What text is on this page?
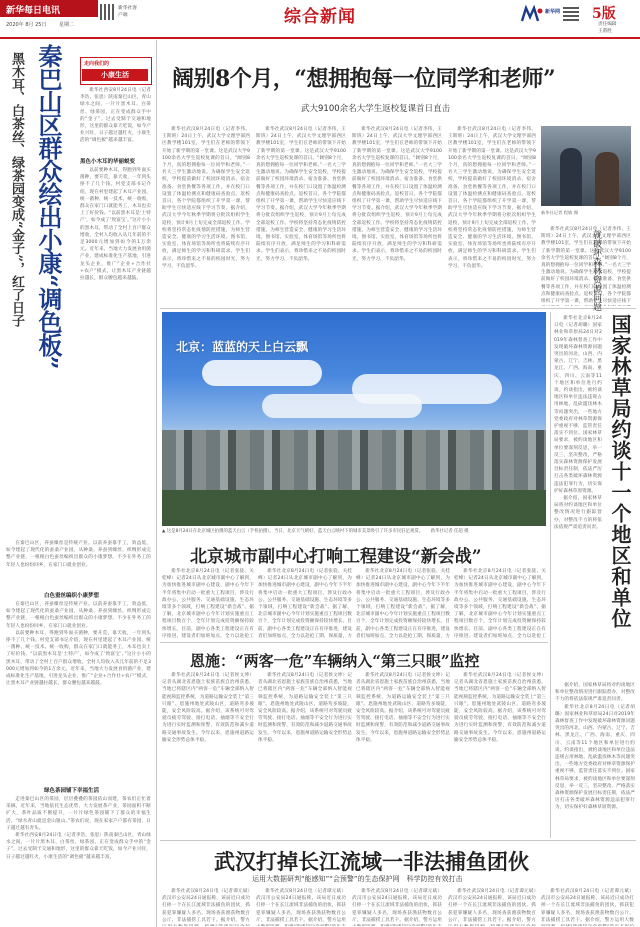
新华每日电讯
2020年 8月 25日	星期二
新华社客户端	综合新闻	新华网 5版
责任编辑
王畲胜
走向我们的
小康生活
黑木耳、白茶丝、绿茶园变成“金子”，红了日子 秦巴山区群众绘出小康“调色板”	新华社西安8月24日电（记者李浩、张思）陕南秦巴山区，青山绿水之间，一片片黑木耳、白茶丝、绿茶园，正在变成群众手中的“金子”。过去受制于交通和地形，这里的群众靠天吃饭，如今产业兴旺，日子越过越红火，小康生活的“调色板”越来越丰富。

黑色小木耳的华丽蜕变

以前要种木耳，得跑到外面买菌种，要开荒，靠天收，一年到头挣不了几个钱。村党支部书记介绍，现在村里建起了木耳产业园，统一菌种、统一技术、统一收购，群众在家门口就能务工，木耳也卖上了好价钱。“以前黑木耳是‘土特产’，如今成了‘致富宝’。”这片小小的黑木耳，带动了全村上百户群众增收，全村人均收入从几年前的不足3000元增加到如今的1万余元。近年来，当地大力发展食用菌产业，建成标准化生产基地，引进龙头企业，推广“企业+合作社+农户”模式，让黑木耳产业链越拉越长，群众腰包越来越鼓。

在秦巴山区，养蚕缫丝是传统产业。以前养蚕靠手工，效益低，如今建起了现代化的蚕桑产业园，从种桑、养蚕到缫丝、织绸形成完整产业链，一根根白色蚕丝编织出群众的小康梦想。不少在外务工的年轻人也纷纷回乡，在家门口就业创业。

白色蚕丝编织小康梦想

在秦巴山区，养蚕缫丝是传统产业。以前养蚕靠手工，效益低，如今建起了现代化的蚕桑产业园，从种桑、养蚕到缫丝、织绸形成完整产业链，一根根白色蚕丝编织出群众的小康梦想。不少在外务工的年轻人也纷纷回乡，在家门口就业创业。

以前要种木耳，得跑到外面买菌种，要开荒，靠天收，一年到头挣不了几个钱。村党支部书记介绍，现在村里建起了木耳产业园，统一菌种、统一技术、统一收购，群众在家门口就能务工，木耳也卖上了好价钱。“以前黑木耳是‘土特产’，如今成了‘致富宝’。”这片小小的黑木耳，带动了全村上百户群众增收，全村人均收入从几年前的不足3000元增加到如今的1万余元。近年来，当地大力发展食用菌产业，建成标准化生产基地，引进龙头企业，推广“企业+合作社+农户”模式，让黑木耳产业链越拉越长，群众腰包越来越鼓。

绿色茶园铺下幸福生活

走进秦巴山区的茶园，层层叠叠的茶园依山而建，茶农们正忙着采摘。近年来，当地依托生态优势，大力发展茶产业，茶园面积不断扩大，茶叶品质不断提升，一片片绿色茶园铺下了群众的幸福生活。“绿水青山就是金山银山。”茶农们说，现在家家户户都有茶园，日子越过越有奔头。

新华社西安8月24日电（记者李浩、张思）陕南秦巴山区，青山绿水之间，一片片黑木耳、白茶丝、绿茶园，正在变成群众手中的“金子”。过去受制于交通和地形，这里的群众靠天吃饭，如今产业兴旺，日子越过越红火，小康生活的“调色板”越来越丰富。

阔别8个月，“想拥抱每一位同学和老师”
武大9100余名大学生返校复课首日直击

新华社武汉8月24日电（记者李伟、王斯班）24日上午，武汉大学文理学部西区教学楼101室，学生们在老师的带领下开始了新学期的第一堂课。这是武汉大学9100余名大学生返校复课的首日。“阔别8个月，真的想拥抱每一位同学和老师。”一名大三学生激动地说。为确保学生安全返校，学校提前做好了校园环境消杀、宿舍准备、食堂供餐等各项工作，并在校门口设置了体温检测点和健康码查验点。返校首日，各个学院都组织了开学第一课，帮助学生尽快适应线下学习节奏。据介绍，武汉大学今年秋季学期将分批次组织学生返校，预计9月上旬完成全部返校工作。学校将坚持常态化疫情防控措施，为师生营造安全、健康的学习生活环境。图书馆、实验室、体育场馆等场所也将陆续有序开放，满足师生的学习和科研需求。学生们表示，将珍惜来之不易的校园时光，努力学习，不负韶华。

新华社武汉8月24日电（记者李伟、王斯班）24日上午，武汉大学文理学部西区教学楼101室，学生们在老师的带领下开始了新学期的第一堂课。这是武汉大学9100余名大学生返校复课的首日。“阔别8个月，真的想拥抱每一位同学和老师。”一名大三学生激动地说。为确保学生安全返校，学校提前做好了校园环境消杀、宿舍准备、食堂供餐等各项工作，并在校门口设置了体温检测点和健康码查验点。返校首日，各个学院都组织了开学第一课，帮助学生尽快适应线下学习节奏。据介绍，武汉大学今年秋季学期将分批次组织学生返校，预计9月上旬完成全部返校工作。学校将坚持常态化疫情防控措施，为师生营造安全、健康的学习生活环境。图书馆、实验室、体育场馆等场所也将陆续有序开放，满足师生的学习和科研需求。学生们表示，将珍惜来之不易的校园时光，努力学习，不负韶华。

新华社武汉8月24日电（记者李伟、王斯班）24日上午，武汉大学文理学部西区教学楼101室，学生们在老师的带领下开始了新学期的第一堂课。这是武汉大学9100余名大学生返校复课的首日。“阔别8个月，真的想拥抱每一位同学和老师。”一名大三学生激动地说。为确保学生安全返校，学校提前做好了校园环境消杀、宿舍准备、食堂供餐等各项工作，并在校门口设置了体温检测点和健康码查验点。返校首日，各个学院都组织了开学第一课，帮助学生尽快适应线下学习节奏。据介绍，武汉大学今年秋季学期将分批次组织学生返校，预计9月上旬完成全部返校工作。学校将坚持常态化疫情防控措施，为师生营造安全、健康的学习生活环境。图书馆、实验室、体育场馆等场所也将陆续有序开放，满足师生的学习和科研需求。学生们表示，将珍惜来之不易的校园时光，努力学习，不负韶华。

新华社武汉8月24日电（记者李伟、王斯班）24日上午，武汉大学文理学部西区教学楼101室，学生们在老师的带领下开始了新学期的第一堂课。这是武汉大学9100余名大学生返校复课的首日。“阔别8个月，真的想拥抱每一位同学和老师。”一名大三学生激动地说。为确保学生安全返校，学校提前做好了校园环境消杀、宿舍准备、食堂供餐等各项工作，并在校门口设置了体温检测点和健康码查验点。返校首日，各个学院都组织了开学第一课，帮助学生尽快适应线下学习节奏。据介绍，武汉大学今年秋季学期将分批次组织学生返校，预计9月上旬完成全部返校工作。学校将坚持常态化疫情防控措施，为师生营造安全、健康的学习生活环境。图书馆、实验室、体育场馆等场所也将陆续有序开放，满足师生的学习和科研需求。学生们表示，将珍惜来之不易的校园时光，努力学习，不负韶华。

新华社记者 程敏 摄

新华社武汉8月24日电（记者李伟、王斯班）24日上午，武汉大学文理学部西区教学楼101室，学生们在老师的带领下开始了新学期的第一堂课。这是武汉大学9100余名大学生返校复课的首日。“阔别8个月，真的想拥抱每一位同学和老师。”一名大三学生激动地说。为确保学生安全返校，学校提前做好了校园环境消杀、宿舍准备、食堂供餐等各项工作，并在校门口设置了体温检测点和健康码查验点。返校首日，各个学院都组织了开学第一课，帮助学生尽快适应线下

北京：蓝蓝的天上白云飘
▲ 这是8月24日在北京城区拍摄的蓝天白云（手机拍摄）。当日，北京天气晴好，蓝天白云映衬下的城市美景吸引了许多市民驻足观赏。 新华社记者 任超 摄	国家林草局约谈十一个地区和单位
就破坏森林资源问题

新华社北京8月24日电（记者胡璐）国家林业和草原局24日对2019年森林督查工作中发现破坏森林资源问题突出的河北、山西、内蒙古、辽宁、吉林、黑龙江、广西、海南、重庆、四川、云南等11个地区和单位进行约谈。约谈指出，被约谈地区和单位违法违规占用林地、乱砍滥伐林木等问题突出，一些地方党委政府对林草资源保护重视不够，监管责任落实不到位。国家林草局要求，被约谈地区和单位要深刻反思，举一反三，坚决整改，严格落实森林资源保护发展目标责任制，依法严厉打击各类破坏森林资源违法犯罪行为，切实保护好森林草原资源。

据介绍，国家林草局将对约谈地区和单位整改情况进行跟踪督办，对整改不力的将依法依规严肃追责问责。

据介绍，国家林草局将对约谈地区和单位整改情况进行跟踪督办，对整改不力的将依法依规严肃追责问责。

新华社北京8月24日电（记者胡璐）国家林业和草原局24日对2019年森林督查工作中发现破坏森林资源问题突出的河北、山西、内蒙古、辽宁、吉林、黑龙江、广西、海南、重庆、四川、云南等11个地区和单位进行约谈。约谈指出，被约谈地区和单位违法违规占用林地、乱砍滥伐林木等问题突出，一些地方党委政府对林草资源保护重视不够，监管责任落实不到位。国家林草局要求，被约谈地区和单位要深刻反思，举一反三，坚决整改，严格落实森林资源保护发展目标责任制，依法严厉打击各类破坏森林资源违法犯罪行为，切实保护好森林草原资源。

北京城市副中心打响工程建设“新会战”

新华社北京8月24日电（记者张骁、关桂峰）记者24日从北京城市副中心了解到，为加快推进城市副中心建设，副中心今年下半年将集中启动一批重大工程项目，涉及行政办公、公共服务、交通基础设施、生态环境等多个领域，打响工程建设“新会战”。据了解，北京城市副中心今年计划实施重点工程项目数百个，全年计划完成投资额保持较快增长。目前，副中心各类工程建设正在有序推进，建设者们加班加点，全力以赴抢工

新华社北京8月24日电（记者张骁、关桂峰）记者24日从北京城市副中心了解到，为加快推进城市副中心建设，副中心今年下半年将集中启动一批重大工程项目，涉及行政办公、公共服务、交通基础设施、生态环境等多个领域，打响工程建设“新会战”。据了解，北京城市副中心今年计划实施重点工程项目数百个，全年计划完成投资额保持较快增长。目前，副中心各类工程建设正在有序推进，建设者们加班加点，全力以赴抢工期、保质量，力

新华社北京8月24日电（记者张骁、关桂峰）记者24日从北京城市副中心了解到，为加快推进城市副中心建设，副中心今年下半年将集中启动一批重大工程项目，涉及行政办公、公共服务、交通基础设施、生态环境等多个领域，打响工程建设“新会战”。据了解，北京城市副中心今年计划实施重点工程项目数百个，全年计划完成投资额保持较快增长。目前，副中心各类工程建设正在有序推进，建设者们加班加点，全力以赴抢工期、保质量，力

新华社北京8月24日电（记者张骁、关桂峰）记者24日从北京城市副中心了解到，为加快推进城市副中心建设，副中心今年下半年将集中启动一批重大工程项目，涉及行政办公、公共服务、交通基础设施、生态环境等多个领域，打响工程建设“新会战”。据了解，北京城市副中心今年计划实施重点工程项目数百个，全年计划完成投资额保持较快增长。目前，副中心各类工程建设正在有序推进，建设者们加班加点，全力以赴抢工

恩施：“两客一危”车辆纳入“第三只眼”监控

新华社武汉8月24日电（记者侯文坤）记者从湖北省恩施土家族苗族自治州获悉，当地已将辖区内“两客一危”车辆全部纳入智能视频监控系统，为道路运输安全装上“第三只眼”。恩施州地处武陵山区，道路弯多坡陡，安全风险较高。据介绍，该系统可对驾驶员疲劳驾驶、接打电话、抽烟等不安全行为进行实时监测和预警，有效防范和减少道路交通事故发生。今年以来，恩施州道路运输安全形势总体平稳。

新华社武汉8月24日电（记者侯文坤）记者从湖北省恩施土家族苗族自治州获悉，当地已将辖区内“两客一危”车辆全部纳入智能视频监控系统，为道路运输安全装上“第三只眼”。恩施州地处武陵山区，道路弯多坡陡，安全风险较高。据介绍，该系统可对驾驶员疲劳驾驶、接打电话、抽烟等不安全行为进行实时监测和预警，有效防范和减少道路交通事故发生。今年以来，恩施州道路运输安全形势总体平稳。

新华社武汉8月24日电（记者侯文坤）记者从湖北省恩施土家族苗族自治州获悉，当地已将辖区内“两客一危”车辆全部纳入智能视频监控系统，为道路运输安全装上“第三只眼”。恩施州地处武陵山区，道路弯多坡陡，安全风险较高。据介绍，该系统可对驾驶员疲劳驾驶、接打电话、抽烟等不安全行为进行实时监测和预警，有效防范和减少道路交通事故发生。今年以来，恩施州道路运输安全形势总体平稳。

新华社武汉8月24日电（记者侯文坤）记者从湖北省恩施土家族苗族自治州获悉，当地已将辖区内“两客一危”车辆全部纳入智能视频监控系统，为道路运输安全装上“第三只眼”。恩施州地处武陵山区，道路弯多坡陡，安全风险较高。据介绍，该系统可对驾驶员疲劳驾驶、接打电话、抽烟等不安全行为进行实时监测和预警，有效防范和减少道路交通事故发生。今年以来，恩施州道路运输安全形势总体平稳。

武汉打掉长江流域一非法捕鱼团伙
运用大数据研判“能感知”“会预警”的生态保护网　科学防控有效打击

新华社武汉8月24日电（记者谭元斌）武汉市公安局24日通报称，该局近日成功打掉一个在长江流域非法捕鱼的团伙，抓获犯罪嫌疑人多名，现场查获渔获物数百公斤、非法捕捞工具若干。据介绍，警方

新华社武汉8月24日电（记者谭元斌）武汉市公安局24日通报称，该局近日成功打掉一个在长江流域非法捕鱼的团伙，抓获犯罪嫌疑人多名，现场查获渔获物数百公斤、非法捕捞工具若干。据介绍，警方运用

新华社武汉8月24日电（记者谭元斌）武汉市公安局24日通报称，该局近日成功打掉一个在长江流域非法捕鱼的团伙，抓获犯罪嫌疑人多名，现场查获渔获物数百公斤、非法捕捞工具若干。据介绍，警方运用

新华社武汉8月24日电（记者谭元斌）武汉市公安局24日通报称，该局近日成功打掉一个在长江流域非法捕鱼的团伙，抓获犯罪嫌疑人多名，现场查获渔获物数百公斤、非法捕捞工具若干。据介绍，警方

新华社武汉8月24日电（记者谭元斌）武汉市公安局24日通报称，该局近日成功打掉一个在长江流域非法捕鱼的团伙，抓获犯罪嫌疑人多名，现场查获渔获物数百公斤、非法捕捞工具若干。据介绍，警方运用大数
